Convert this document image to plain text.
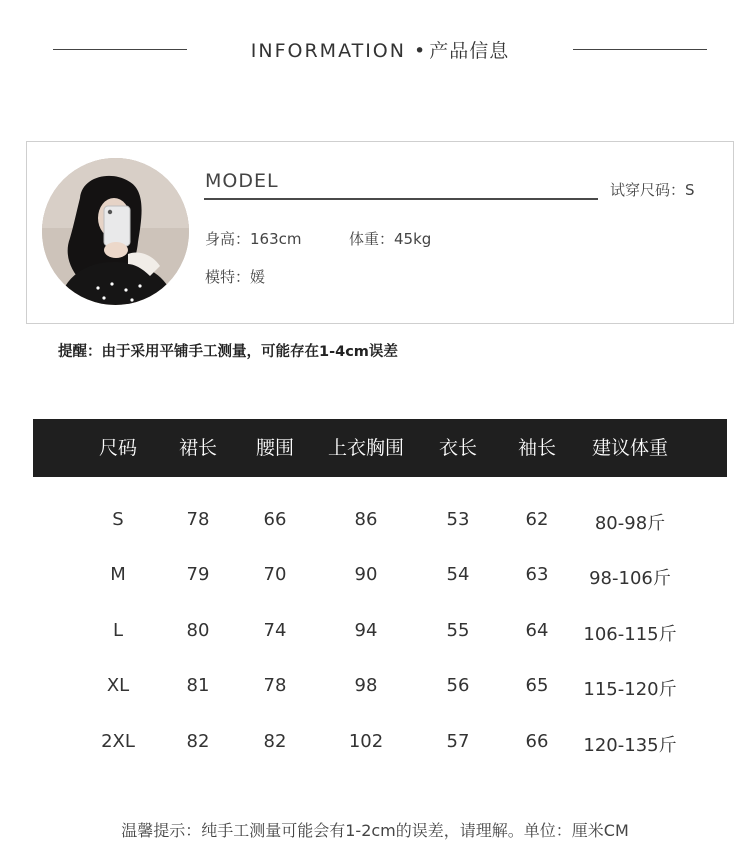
INFORMATION • 产品信息
MODEL	试穿尺码：S
身高：163cm	体重：45kg
模特：媛
提醒：由于采用平铺手工测量，可能存在1-4cm误差
尺码	裙长	腰围	上衣胸围	衣长	袖长	建议体重
S	78	66	86	53	62	80-98斤
M	79	70	90	54	63	98-106斤
L	80	74	94	55	64	106-115斤
XL	81	78	98	56	65	115-120斤
2XL	82	82	102	57	66	120-135斤
温馨提示：纯手工测量可能会有1-2cm的误差，请理解。单位：厘米CM
